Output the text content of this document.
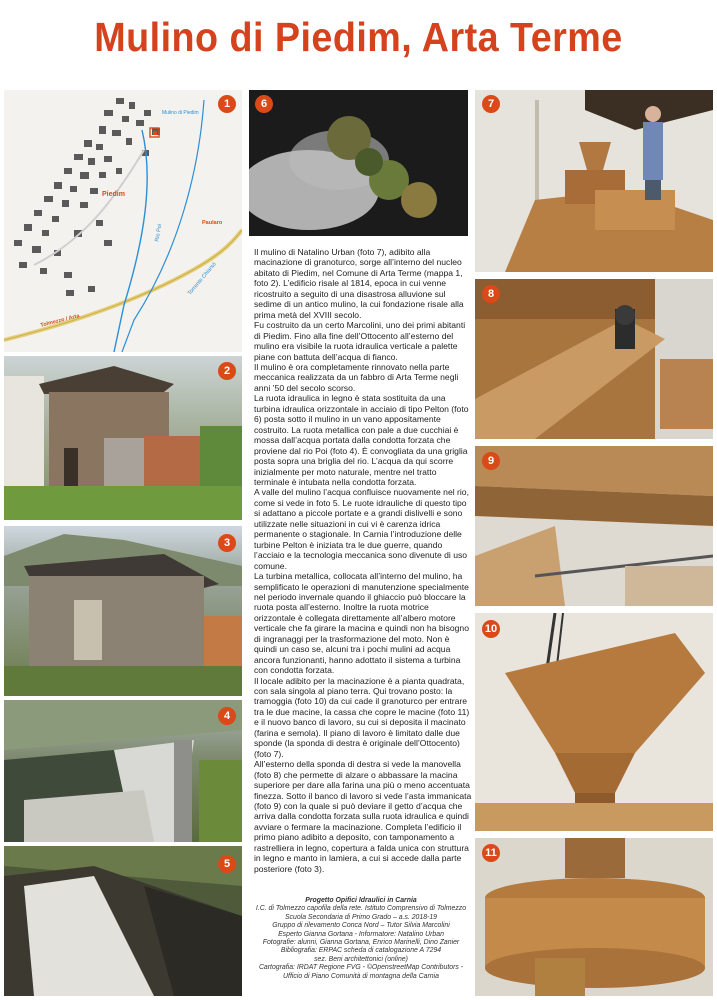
Mulino di Piedim, Arta Terme
Mulino di Piedim
Piedim
Rio Poi
Paularo
Torrente Chiarsò
Tolmezzo / Arta
1
2
3
4
5
6

Il mulino di Natalino Urban (foto 7), adibito alla macinazione di granoturco, sorge all’interno del nucleo abitato di Piedim, nel Comune di Arta Terme (mappa 1, foto 2). L’edificio risale al 1814, epoca in cui venne ricostruito a seguito di una disastrosa alluvione sul sedime di un antico mulino, la cui fondazione risale alla prima metà del XVIII secolo.

Fu costruito da un certo Marcolini, uno dei primi abitanti di Piedim. Fino alla fine dell’Ottocento all’esterno del mulino era visibile la ruota idraulica verticale a palette piane con battuta dell’acqua di fianco.

Il mulino è ora completamente rinnovato nella parte meccanica realizzata da un fabbro di Arta Terme negli anni ’50 del secolo scorso.

La ruota idraulica in legno è stata sostituita da una turbina idraulica orizzontale in acciaio di tipo Pelton (foto 6) posta sotto il mulino in un vano appositamente costruito. La ruota metallica con pale a due cucchiai è mossa dall’acqua portata dalla condotta forzata che proviene dal rio Poi (foto 4). È convogliata da una griglia posta sopra una briglia del rio. L’acqua da qui scorre inizialmente per moto naturale, mentre nel tratto terminale è intubata nella condotta forzata.

A valle del mulino l’acqua confluisce nuovamente nel rio, come si vede in foto 5. Le ruote idrauliche di questo tipo si adattano a piccole portate e a grandi dislivelli e sono utilizzate nelle situazioni in cui vi è carenza idrica permanente o stagionale. In Carnia l’introduzione delle turbine Pelton è iniziata tra le due guerre, quando l’acciaio e la tecnologia meccanica sono divenute di uso comune.

La turbina metallica, collocata all’interno del mulino, ha semplificato le operazioni di manutenzione specialmente nel periodo invernale quando il ghiaccio può bloccare la ruota posta all’esterno. Inoltre la ruota motrice orizzontale è collegata direttamente all’albero motore verticale che fa girare la macina e quindi non ha bisogno di ingranaggi per la trasformazione del moto. Non è quindi un caso se, alcuni tra i pochi mulini ad acqua ancora funzionanti, hanno adottato il sistema a turbina con condotta forzata.

Il locale adibito per la macinazione è a pianta quadrata, con sala singola al piano terra. Qui trovano posto: la tramoggia (foto 10) da cui cade il granoturco per entrare tra le due macine, la cassa che copre le macine (foto 11) e il nuovo banco di lavoro, su cui si deposita il macinato (farina e semola). Il piano di lavoro è limitato dalle due sponde (la sponda di destra è originale dell’Ottocento) (foto 7).

All’esterno della sponda di destra si vede la manovella (foto 8) che permette di alzare o abbassare la macina superiore per dare alla farina una più o meno accentuata finezza. Sotto il banco di lavoro si vede l’asta immanicata (foto 9) con la quale si può deviare il getto d’acqua che arriva dalla condotta forzata sulla ruota idraulica e quindi avviare o fermare la macinazione. Completa l’edificio il primo piano adibito a deposito, con tamponamento a rastrelliera in legno, copertura a falda unica con struttura in legno e manto in lamiera, a cui si accede dalla parte posteriore (foto 3).

Progetto Opifici Idraulici in Carnia
I.C. di Tolmezzo capofila della rete. Istituto Comprensivo di Tolmezzo
Scuola Secondaria di Primo Grado – a.s. 2018-19
Gruppo di rilevamento Conca Nord – Tutor Silvia Marcolini
Esperto Gianna Gortana - Informatore: Natalino Urban
Fotografie: alunni, Gianna Gortana, Enrico Marinelli, Dino Zanier
Bibliografia: ERPAC scheda di catalogazione A 7294
sez. Beni architettonici (online)
Cartografia: IRDAT Regione FVG - ©OpenstreetMap Contributors -
Ufficio di Piano Comunità di montagna della Carnia
7
8
9
10
11
